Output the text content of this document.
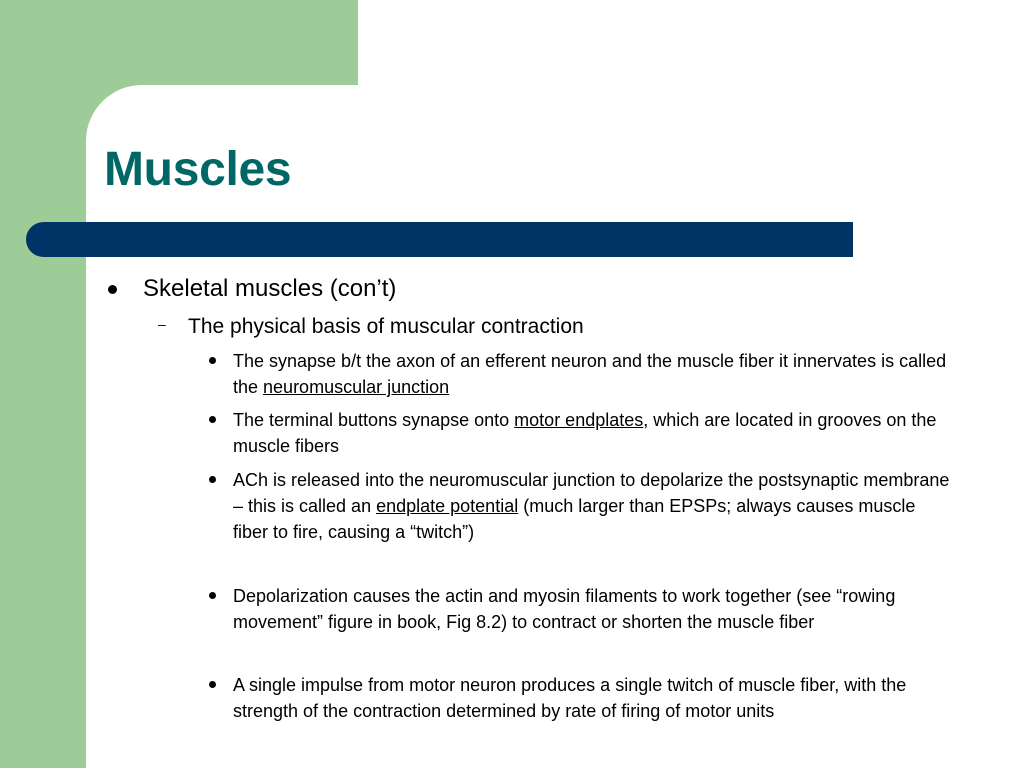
Muscles

Skeletal muscles (con’t)

– The physical basis of muscular contraction

The synapse b/t the axon of an efferent neuron and the muscle fiber it innervates is called the neuromuscular junction

The terminal buttons synapse onto motor endplates, which are located in grooves on the muscle fibers

ACh is released into the neuromuscular junction to depolarize the postsynaptic membrane – this is called an endplate potential (much larger than EPSPs; always causes muscle fiber to fire, causing a “twitch”)

Depolarization causes the actin and myosin filaments to work together (see “rowing movement” figure in book, Fig 8.2) to contract or shorten the muscle fiber

A single impulse from motor neuron produces a single twitch of muscle fiber, with the strength of the contraction determined by rate of firing of motor units
